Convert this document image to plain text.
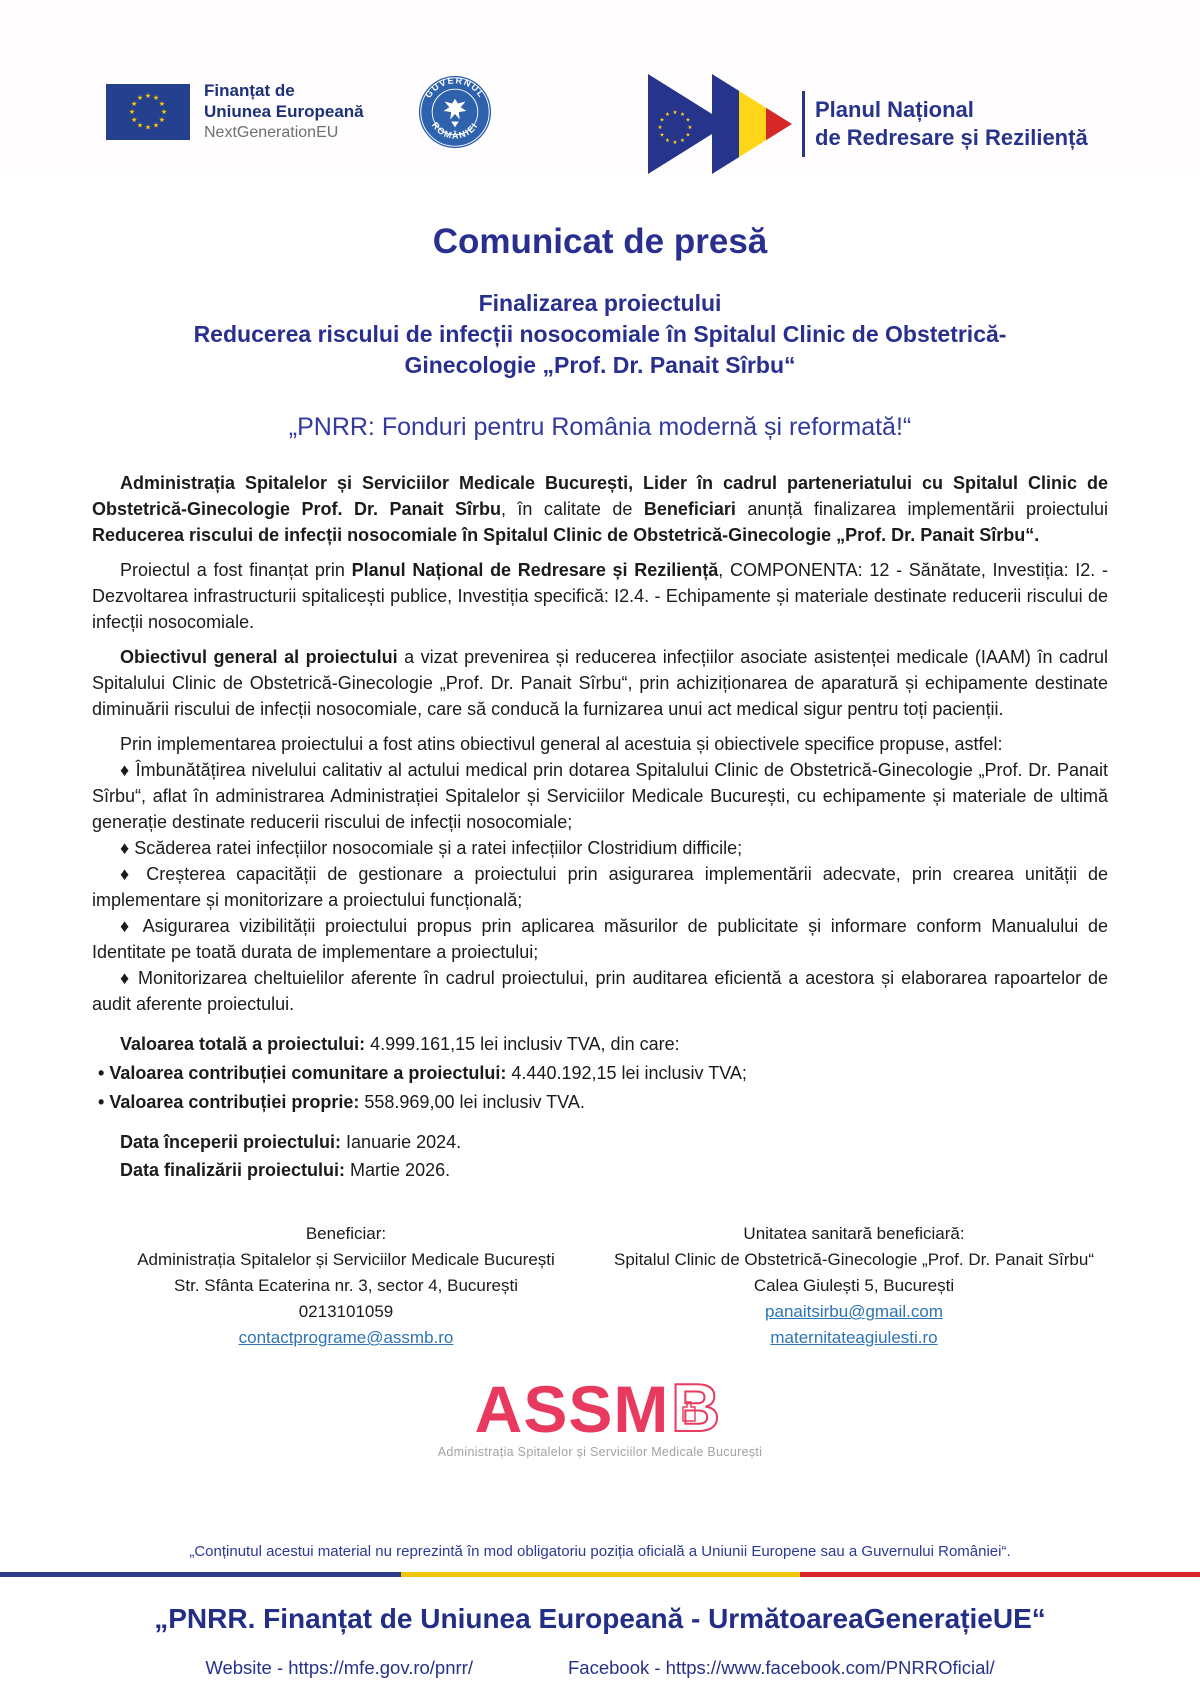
★ ★
★
★
★
★
★
★
★
★
★
★	Finanțat de
Uniunea Europeană
NextGenerationEU
GUVERNUL
ROMÂNIEI
★ ★
★
★
★
★
★
★
★
★
★
★	Planul Național
de Redresare și Reziliență
Comunicat de presă
Finalizarea proiectului
Reducerea riscului de infecții nosocomiale în Spitalul Clinic de Obstetrică-Ginecologie „Prof. Dr. Panait Sîrbu“
„PNRR: Fonduri pentru România modernă și reformată!“

Administrația Spitalelor și Serviciilor Medicale București, Lider în cadrul parteneriatului cu Spitalul Clinic de Obstetrică-Ginecologie Prof. Dr. Panait Sîrbu, în calitate de Beneficiari anunță finalizarea implementării proiectului Reducerea riscului de infecții nosocomiale în Spitalul Clinic de Obstetrică-Ginecologie „Prof. Dr. Panait Sîrbu“.

Proiectul a fost finanțat prin Planul Național de Redresare și Reziliență, COMPONENTA: 12 - Sănătate, Investiția: I2. - Dezvoltarea infrastructurii spitalicești publice, Investiția specifică: I2.4. - Echipamente și materiale destinate reducerii riscului de infecții nosocomiale.

Obiectivul general al proiectului a vizat prevenirea și reducerea infecțiilor asociate asistenței medicale (IAAM) în cadrul Spitalului Clinic de Obstetrică-Ginecologie „Prof. Dr. Panait Sîrbu“, prin achiziționarea de aparatură și echipamente destinate diminuării riscului de infecții nosocomiale, care să conducă la furnizarea unui act medical sigur pentru toți pacienții.

Prin implementarea proiectului a fost atins obiectivul general al acestuia și obiectivele specifice propuse, astfel:

♦ Îmbunătățirea nivelului calitativ al actului medical prin dotarea Spitalului Clinic de Obstetrică-Ginecologie „Prof. Dr. Panait Sîrbu“, aflat în administrarea Administrației Spitalelor și Serviciilor Medicale București, cu echipamente și materiale de ultimă generație destinate reducerii riscului de infecții nosocomiale;

♦ Scăderea ratei infecțiilor nosocomiale și a ratei infecțiilor Clostridium difficile;

♦ Creșterea capacității de gestionare a proiectului prin asigurarea implementării adecvate, prin crearea unității de implementare și monitorizare a proiectului funcțională;

♦ Asigurarea vizibilității proiectului propus prin aplicarea măsurilor de publicitate și informare conform Manualului de Identitate pe toată durata de implementare a proiectului;

♦ Monitorizarea cheltuielilor aferente în cadrul proiectului, prin auditarea eficientă a acestora și elaborarea rapoartelor de audit aferente proiectului.

Valoarea totală a proiectului: 4.999.161,15 lei inclusiv TVA, din care:

• Valoarea contribuției comunitare a proiectului: 4.440.192,15 lei inclusiv TVA;

• Valoarea contribuției proprie: 558.969,00 lei inclusiv TVA.

Data începerii proiectului: Ianuarie 2024.

Data finalizării proiectului: Martie 2026.

Beneficiar:
Administrația Spitalelor și Serviciilor Medicale București
Str. Sfânta Ecaterina nr. 3, sector 4, București
0213101059
contactprograme@assmb.ro
Unitatea sanitară beneficiară:
Spitalul Clinic de Obstetrică-Ginecologie „Prof. Dr. Panait Sîrbu“
Calea Giulești 5, București
panaitsirbu@gmail.com
maternitateagiulesti.ro
ASSM B
Administrația Spitalelor și Serviciilor Medicale București
„Conținutul acestui material nu reprezintă în mod obligatoriu poziția oficială a Uniunii Europene sau a Guvernului României“.
„PNRR. Finanțat de Uniunea Europeană - UrmătoareaGenerațieUE“
Website - https://mfe.gov.ro/pnrr/	Facebook - https://www.facebook.com/PNRROficial/
